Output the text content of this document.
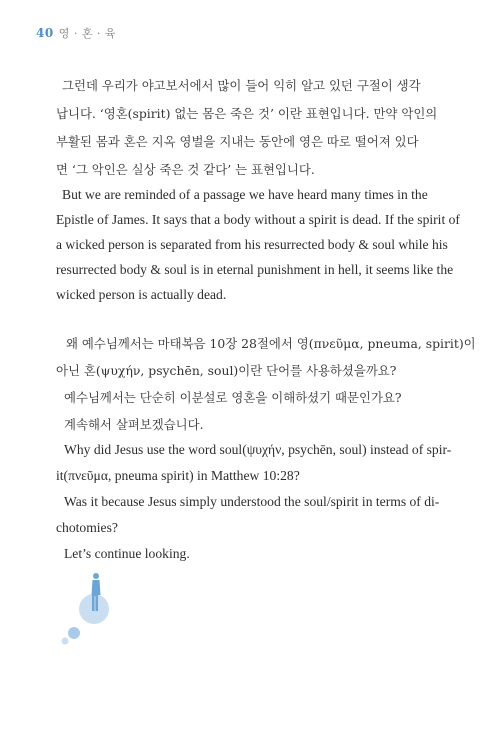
40 영 · 혼 · 육
그런데 우리가 야고보서에서 많이 들어 익히 알고 있던 구절이 생각
납니다. ‘영혼(spirit) 없는 몸은 죽은 것’ 이란 표현입니다. 만약 악인의
부활된 몸과 혼은 지옥 영벌을 지내는 동안에 영은 따로 떨어져 있다
면 ‘그 악인은 실상 죽은 것 같다’ 는 표현입니다.
But we are reminded of a passage we have heard many times in the
Epistle of James. It says that a body without a spirit is dead. If the spirit of
a wicked person is separated from his resurrected body & soul while his
resurrected body & soul is in eternal punishment in hell, it seems like the
wicked person is actually dead.
왜 예수님께서는 마태복음 10장 28절에서 영(πνεῦμα, pneuma, spirit)이
아닌 혼(ψυχήν, psychēn, soul)이란 단어를 사용하셨을까요?
예수님께서는 단순히 이분설로 영혼을 이해하셨기 때문인가요?
계속해서 살펴보겠습니다.
Why did Jesus use the word soul(ψυχήν, psychēn, soul) instead of spir-
it(πνεῦμα, pneuma spirit) in Matthew 10:28?
Was it because Jesus simply understood the soul/spirit in terms of di-
chotomies?
Let’s continue looking.
